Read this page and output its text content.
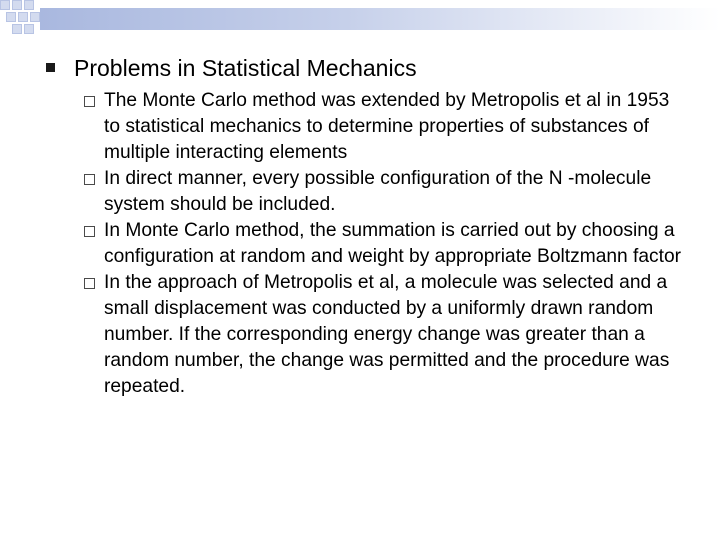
Problems in Statistical Mechanics
The Monte Carlo method was extended by Metropolis et al in 1953 to statistical mechanics to determine properties of substances of multiple interacting elements
In direct manner, every possible configuration of the N -molecule system should be included.
In Monte Carlo method, the summation is carried out by choosing a configuration at random and weight by appropriate Boltzmann factor
In the approach of Metropolis et al, a molecule was selected and a small displacement was conducted by a uniformly drawn random number. If the corresponding energy change was greater than a random number, the change was permitted and the procedure was repeated.
